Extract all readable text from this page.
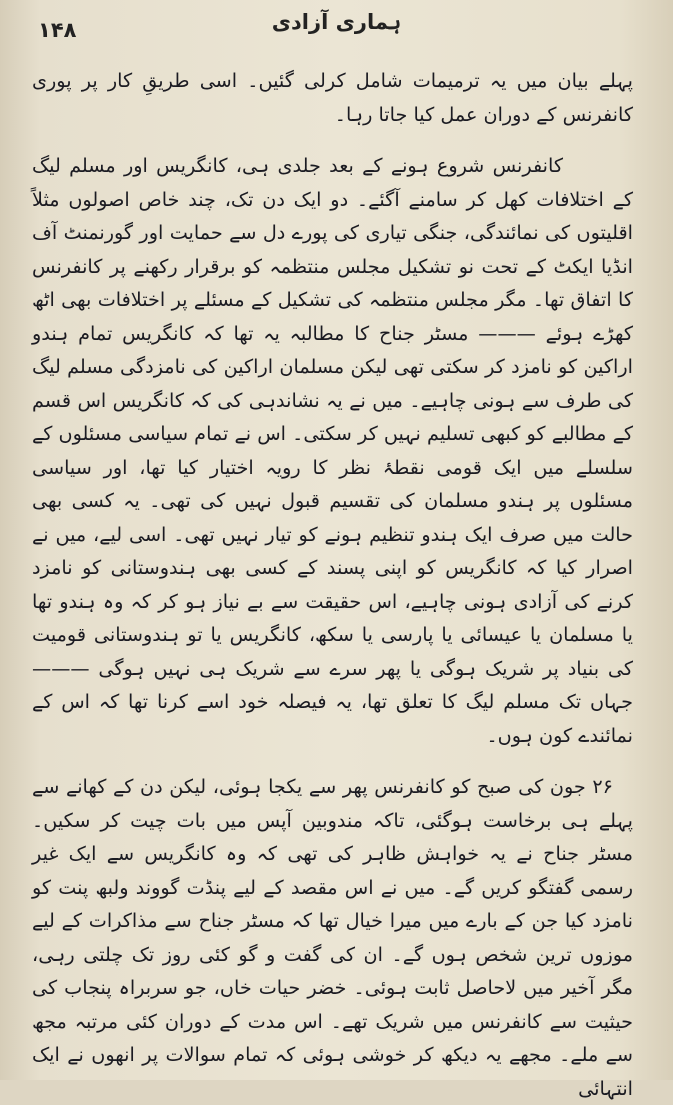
۱۴۸	ہماری آزادی

پہلے بیان میں یہ ترمیمات شامل کرلی گئیں۔ اسی طریقِ کار پر پوری کانفرنس کے دوران عمل کیا جاتا رہا۔

کانفرنس شروع ہونے کے بعد جلدی ہی، کانگریس اور مسلم لیگ کے اختلافات کھل کر سامنے آگئے۔ دو ایک دن تک، چند خاص اصولوں مثلاً اقلیتوں کی نمائندگی، جنگی تیاری کی پورے دل سے حمایت اور گورنمنٹ آف انڈیا ایکٹ کے تحت نو تشکیل مجلس منتظمہ کو برقرار رکھنے پر کانفرنس کا اتفاق تھا۔ مگر مجلس منتظمہ کی تشکیل کے مسئلے پر اختلافات بھی اٹھ کھڑے ہوئے ——— مسٹر جناح کا مطالبہ یہ تھا کہ کانگریس تمام ہندو اراکین کو نامزد کر سکتی تھی لیکن مسلمان اراکین کی نامزدگی مسلم لیگ کی طرف سے ہونی چاہیے۔ میں نے یہ نشاندہی کی کہ کانگریس اس قسم کے مطالبے کو کبھی تسلیم نہیں کر سکتی۔ اس نے تمام سیاسی مسئلوں کے سلسلے میں ایک قومی نقطۂ نظر کا رویہ اختیار کیا تھا، اور سیاسی مسئلوں پر ہندو مسلمان کی تقسیم قبول نہیں کی تھی۔ یہ کسی بھی حالت میں صرف ایک ہندو تنظیم ہونے کو تیار نہیں تھی۔ اسی لیے، میں نے اصرار کیا کہ کانگریس کو اپنی پسند کے کسی بھی ہندوستانی کو نامزد کرنے کی آزادی ہونی چاہیے، اس حقیقت سے بے نیاز ہو کر کہ وہ ہندو تھا یا مسلمان یا عیسائی یا پارسی یا سکھ، کانگریس یا تو ہندوستانی قومیت کی بنیاد پر شریک ہوگی یا پھر سرے سے شریک ہی نہیں ہوگی ——— جہاں تک مسلم لیگ کا تعلق تھا، یہ فیصلہ خود اسے کرنا تھا کہ اس کے نمائندے کون ہوں۔

۲۶ جون کی صبح کو کانفرنس پھر سے یکجا ہوئی، لیکن دن کے کھانے سے پہلے ہی برخاست ہوگئی، تاکہ مندوبین آپس میں بات چیت کر سکیں۔ مسٹر جناح نے یہ خواہش ظاہر کی تھی کہ وہ کانگریس سے ایک غیر رسمی گفتگو کریں گے۔ میں نے اس مقصد کے لیے پنڈت گووند ولبھ پنت کو نامزد کیا جن کے بارے میں میرا خیال تھا کہ مسٹر جناح سے مذاکرات کے لیے موزوں ترین شخص ہوں گے۔ ان کی گفت و گو کئی روز تک چلتی رہی، مگر آخیر میں لاحاصل ثابت ہوئی۔ خضر حیات خاں، جو سربراہ پنجاب کی حیثیت سے کانفرنس میں شریک تھے۔ اس مدت کے دوران کئی مرتبہ مجھ سے ملے۔ مجھے یہ دیکھ کر خوشی ہوئی کہ تمام سوالات پر انھوں نے ایک انتہائی
